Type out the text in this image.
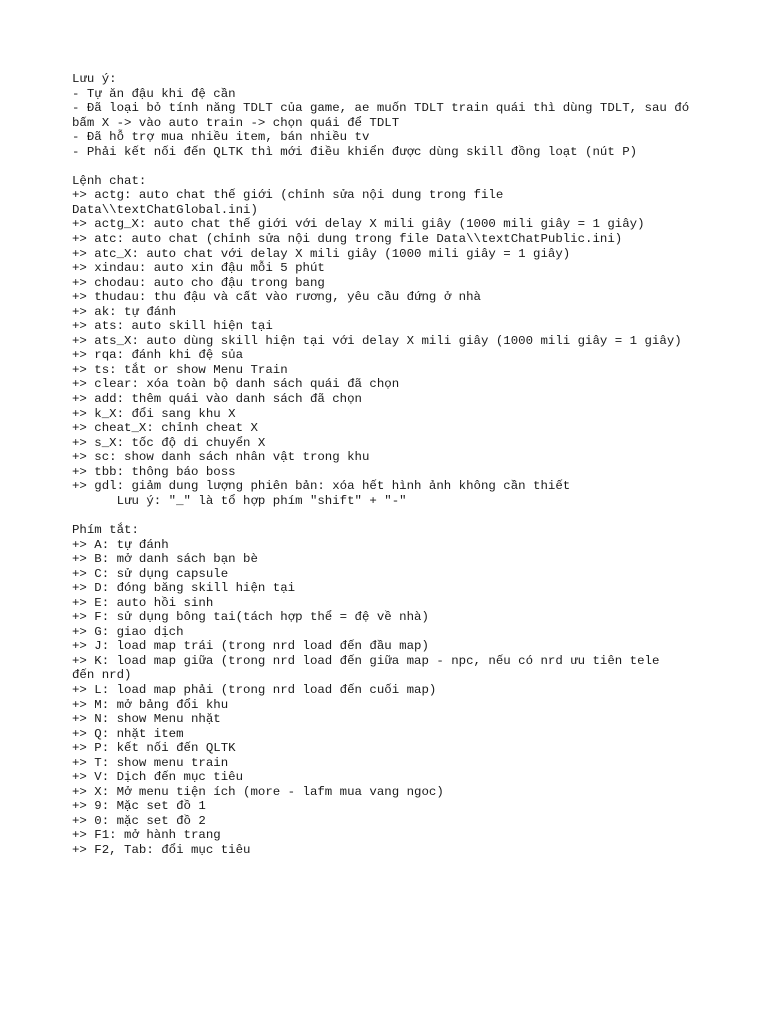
Lưu ý:
- Tự ăn đậu khi đệ cần
- Đã loại bỏ tính năng TDLT của game, ae muốn TDLT train quái thì dùng TDLT, sau đó
bấm X -> vào auto train -> chọn quái để TDLT
- Đã hỗ trợ mua nhiều item, bán nhiều tv
- Phải kết nối đến QLTK thì mới điều khiển được dùng skill đồng loạt (nút P)
Lệnh chat:
+> actg: auto chat thế giới (chỉnh sửa nội dung trong file
Data\\textChatGlobal.ini)
+> actg_X: auto chat thế giới với delay X mili giây (1000 mili giây = 1 giây)
+> atc: auto chat (chỉnh sửa nội dung trong file Data\\textChatPublic.ini)
+> atc_X: auto chat với delay X mili giây (1000 mili giây = 1 giây)
+> xindau: auto xin đậu mỗi 5 phút
+> chodau: auto cho đậu trong bang
+> thudau: thu đậu và cất vào rương, yêu cầu đứng ở nhà
+> ak: tự đánh
+> ats: auto skill hiện tại
+> ats_X: auto dùng skill hiện tại với delay X mili giây (1000 mili giây = 1 giây)
+> rqa: đánh khi đệ sủa
+> ts: tắt or show Menu Train
+> clear: xóa toàn bộ danh sách quái đã chọn
+> add: thêm quái vào danh sách đã chọn
+> k_X: đổi sang khu X
+> cheat_X: chỉnh cheat X
+> s_X: tốc độ di chuyển X
+> sc: show danh sách nhân vật trong khu
+> tbb: thông báo boss
+> gdl: giảm dung lượng phiên bản: xóa hết hình ảnh không cần thiết
Lưu ý: "_" là tổ hợp phím "shift" + "-"
Phím tắt:
+> A: tự đánh
+> B: mở danh sách bạn bè
+> C: sử dụng capsule
+> D: đóng băng skill hiện tại
+> E: auto hồi sinh
+> F: sử dụng bông tai(tách hợp thể = đệ về nhà)
+> G: giao dịch
+> J: load map trái (trong nrd load đến đầu map)
+> K: load map giữa (trong nrd load đến giữa map - npc, nếu có nrd ưu tiên tele
đến nrd)
+> L: load map phải (trong nrd load đến cuối map)
+> M: mở bảng đổi khu
+> N: show Menu nhặt
+> Q: nhặt item
+> P: kết nối đến QLTK
+> T: show menu train
+> V: Dịch đến mục tiêu
+> X: Mở menu tiện ích (more - lafm mua vang ngoc)
+> 9: Mặc set đồ 1
+> 0: mặc set đồ 2
+> F1: mở hành trang
+> F2, Tab: đổi mục tiêu
